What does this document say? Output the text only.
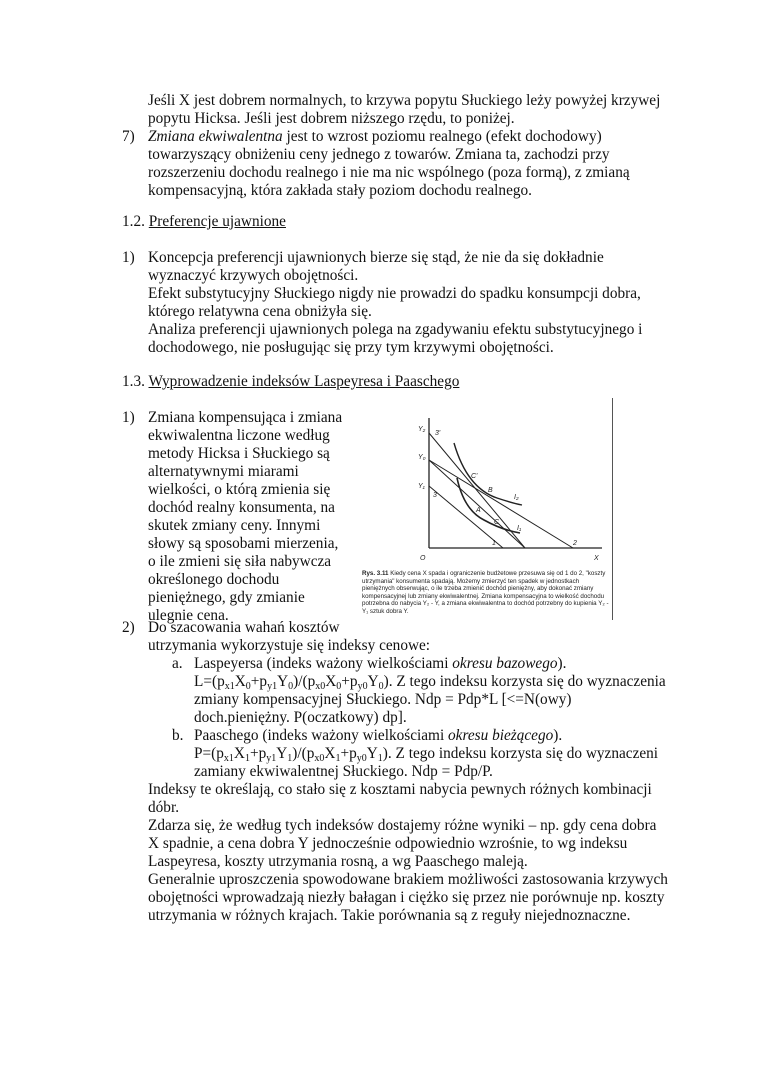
Jeśli X jest dobrem normalnych, to krzywa popytu Słuckiego leży powyżej krzywej
popytu Hicksa. Jeśli jest dobrem niższego rzędu, to poniżej.
7) Zmiana ekwiwalentna jest to wzrost poziomu realnego (efekt dochodowy)
towarzyszący obniżeniu ceny jednego z towarów. Zmiana ta, zachodzi przy
rozszerzeniu dochodu realnego i nie ma nic wspólnego (poza formą), z zmianą
kompensacyjną, która zakłada stały poziom dochodu realnego.
1.2. Preferencje ujawnione
1) Koncepcja preferencji ujawnionych bierze się stąd, że nie da się dokładnie
wyznaczyć krzywych obojętności.
Efekt substytucyjny Słuckiego nigdy nie prowadzi do spadku konsumpcji dobra,
którego relatywna cena obniżyła się.
Analiza preferencji ujawnionych polega na zgadywaniu efektu substytucyjnego i
dochodowego, nie posługując się przy tym krzywymi obojętności.
1.3. Wyprowadzenie indeksów Laspeyresa i Paaschego
1) Zmiana kompensująca i zmiana
ekwiwalentna liczone według
metody Hicksa i Słuckiego są
alternatywnymi miarami
wielkości, o którą zmienia się
dochód realny konsumenta, na
skutek zmiany ceny. Innymi
słowy są sposobami mierzenia,
o ile zmieni się siła nabywcza
określonego dochodu
pieniężnego, gdy zmianie
ulegnie cena.
2) Do szacowania wahań kosztów
utrzymania wykorzystuje się indeksy cenowe:
a. Laspeyersa (indeks ważony wielkościami okresu bazowego).
$L=(p_{x1}X_0+p_{y1}Y_0)/(p_{x0}X_0+p_{y0}Y_0)$. Z tego indeksu korzysta się do wyznaczenia
zmiany kompensacyjnej Słuckiego. Ndp = Pdp*L [<=N(owy)
doch.pieniężny. P(oczatkowy) dp].
b. Paaschego (indeks ważony wielkościami okresu bieżącego).
$P=(p_{x1}X_1+p_{y1}Y_1)/(p_{x0}X_1+p_{y0}Y_1)$. Z tego indeksu korzysta się do wyznaczeni
zamiany ekwiwalentnej Słuckiego. Ndp = Pdp/P.
Indeksy te określają, co stało się z kosztami nabycia pewnych różnych kombinacji
dóbr.
Zdarza się, że według tych indeksów dostajemy różne wyniki – np. gdy cena dobra
X spadnie, a cena dobra Y jednocześnie odpowiednio wzrośnie, to wg indeksu
Laspeyresa, koszty utrzymania rosną, a wg Paaschego maleją.
Generalnie uproszczenia spowodowane brakiem możliwości zastosowania krzywych
obojętności wprowadzają niezły bałagan i ciężko się przez nie porównuje np. koszty
utrzymania w różnych krajach. Takie porównania są z reguły niejednoznaczne.
Y₂
3'
Y₀
Y₁
3
C'
B
I₂
A
C
I₁
1	2
O	X
Rys. 3.11 Kiedy cena X spada i ograniczenie budżetowe przesuwa się od 1 do 2, "koszty utrzymania" konsumenta spadają. Możemy zmierzyć ten spadek w jednostkach pieniężnych obserwując, o ile trzeba zmienić dochód pieniężny, aby dokonać zmiany kompensacyjnej lub zmiany ekwiwalentnej. Zmiana kompensacyjna to wielkość dochodu potrzebna do nabycia Y₂ - Y, a zmiana ekwiwalentna to dochód potrzebny do kupienia Y₂ - Y₁ sztuk dobra Y.
